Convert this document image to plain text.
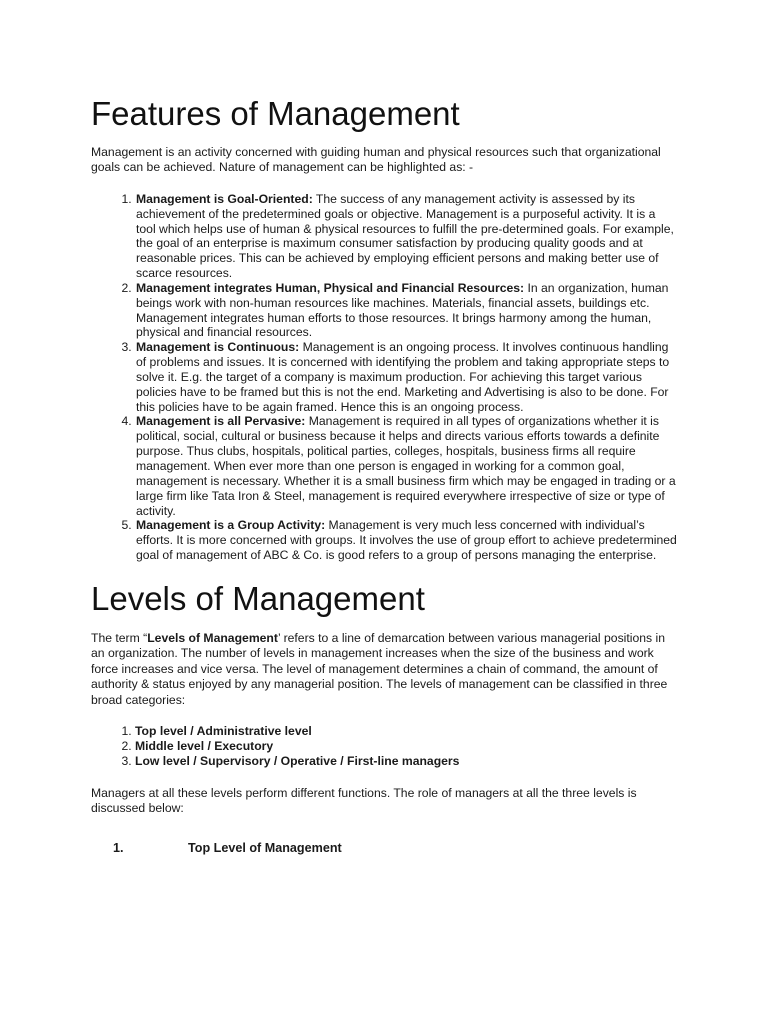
Features of Management

Management is an activity concerned with guiding human and physical resources such that organizational goals can be achieved. Nature of management can be highlighted as: -

1. Management is Goal-Oriented: The success of any management activity is assessed by its achievement of the predetermined goals or objective. Management is a purposeful activity. It is a tool which helps use of human & physical resources to fulfill the pre-determined goals. For example, the goal of an enterprise is maximum consumer satisfaction by producing quality goods and at reasonable prices. This can be achieved by employing efficient persons and making better use of scarce resources.
2. Management integrates Human, Physical and Financial Resources: In an organization, human beings work with non-human resources like machines. Materials, financial assets, buildings etc. Management integrates human efforts to those resources. It brings harmony among the human, physical and financial resources.
3. Management is Continuous: Management is an ongoing process. It involves continuous handling of problems and issues. It is concerned with identifying the problem and taking appropriate steps to solve it. E.g. the target of a company is maximum production. For achieving this target various policies have to be framed but this is not the end. Marketing and Advertising is also to be done. For this policies have to be again framed. Hence this is an ongoing process.
4. Management is all Pervasive: Management is required in all types of organizations whether it is political, social, cultural or business because it helps and directs various efforts towards a definite purpose. Thus clubs, hospitals, political parties, colleges, hospitals, business firms all require management. When ever more than one person is engaged in working for a common goal, management is necessary. Whether it is a small business firm which may be engaged in trading or a large firm like Tata Iron & Steel, management is required everywhere irrespective of size or type of activity.
5. Management is a Group Activity: Management is very much less concerned with individual’s efforts. It is more concerned with groups. It involves the use of group effort to achieve predetermined goal of management of ABC & Co. is good refers to a group of persons managing the enterprise.
Levels of Management

The term “Levels of Management’ refers to a line of demarcation between various managerial positions in an organization. The number of levels in management increases when the size of the business and work force increases and vice versa. The level of management determines a chain of command, the amount of authority & status enjoyed by any managerial position. The levels of management can be classified in three broad categories:

1. Top level / Administrative level
2. Middle level / Executory
3. Low level / Supervisory / Operative / First-line managers

Managers at all these levels perform different functions. The role of managers at all the three levels is discussed below:

1.	Top Level of Management
